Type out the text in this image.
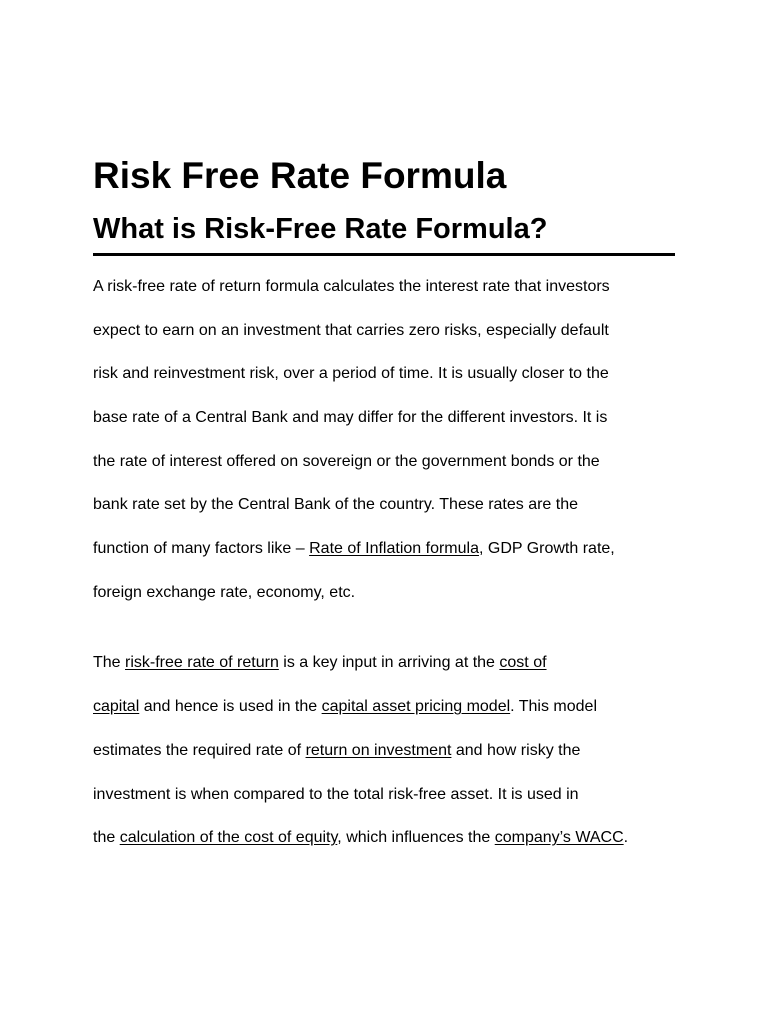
Risk Free Rate Formula
What is Risk-Free Rate Formula?
A risk-free rate of return formula calculates the interest rate that investors
expect to earn on an investment that carries zero risks, especially default
risk and reinvestment risk, over a period of time. It is usually closer to the
base rate of a Central Bank and may differ for the different investors. It is
the rate of interest offered on sovereign or the government bonds or the
bank rate set by the Central Bank of the country. These rates are the
function of many factors like – Rate of Inflation formula, GDP Growth rate,
foreign exchange rate, economy, etc.
The risk-free rate of return is a key input in arriving at the cost of
capital and hence is used in the capital asset pricing model. This model
estimates the required rate of return on investment and how risky the
investment is when compared to the total risk-free asset. It is used in
the calculation of the cost of equity, which influences the company’s WACC.
